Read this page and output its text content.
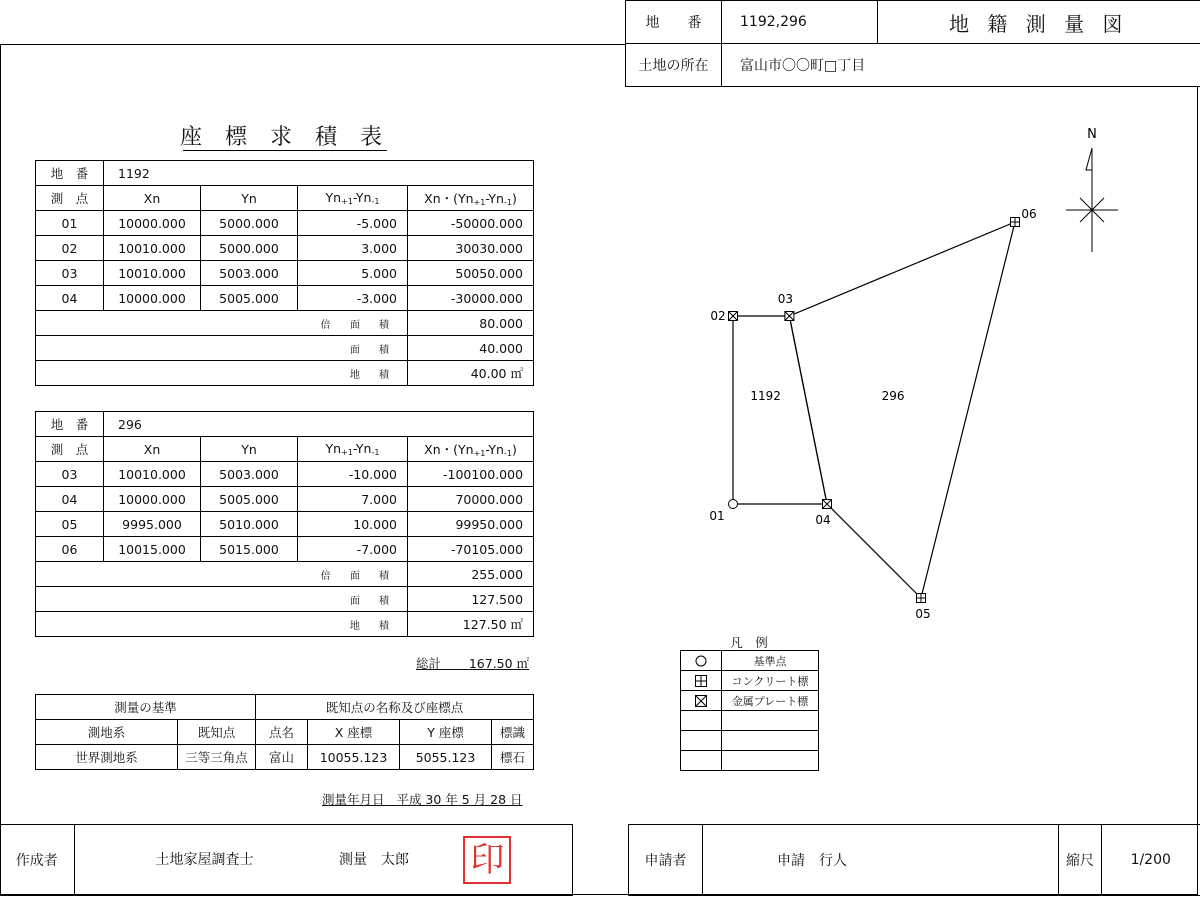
地　　番	1192,296	地 籍 測 量 図
土地の所在	富山市〇〇町□丁目	
座 標 求 積 表
地　番	1192			
測　点	Xn	Yn	$Yn_{+1}-Yn_{-1}$	Xn・$(Yn_{+1}-Yn_{-1})$
01	10000.000	5000.000	-5.000	-50000.000
02	10010.000	5000.000	3.000	30030.000
03	10010.000	5003.000	5.000	50050.000
04	10000.000	5005.000	-3.000	-30000.000
倍 面 積				80.000
面 積				40.000
地 積				40.00 ㎡
地　番	296			
測　点	Xn	Yn	$Yn_{+1}-Yn_{-1}$	Xn・$(Yn_{+1}-Yn_{-1})$
03	10010.000	5003.000	-10.000	-100100.000
04	10000.000	5005.000	7.000	70000.000
05	9995.000	5010.000	10.000	99950.000
06	10015.000	5015.000	-7.000	-70105.000
倍 面 積				255.000
面 積				127.500
地 積				127.50 ㎡
総計 167.50 ㎡
測量の基準		既知点の名称及び座標点			
測地系	既知点	点名	X 座標	Y 座標	標識
世界測地系	三等三角点	富山	10055.123	5055.123	標石
測量年月日 平成 30 年 5 月 28 日
1192	296
01
02
03
04
05
06
N
凡　例
	基準点
	コンクリート標
	金属プレート標

作成者	土地家屋調査士	測量　太郎 印	申請者	申請　行人	縮尺	1/200
